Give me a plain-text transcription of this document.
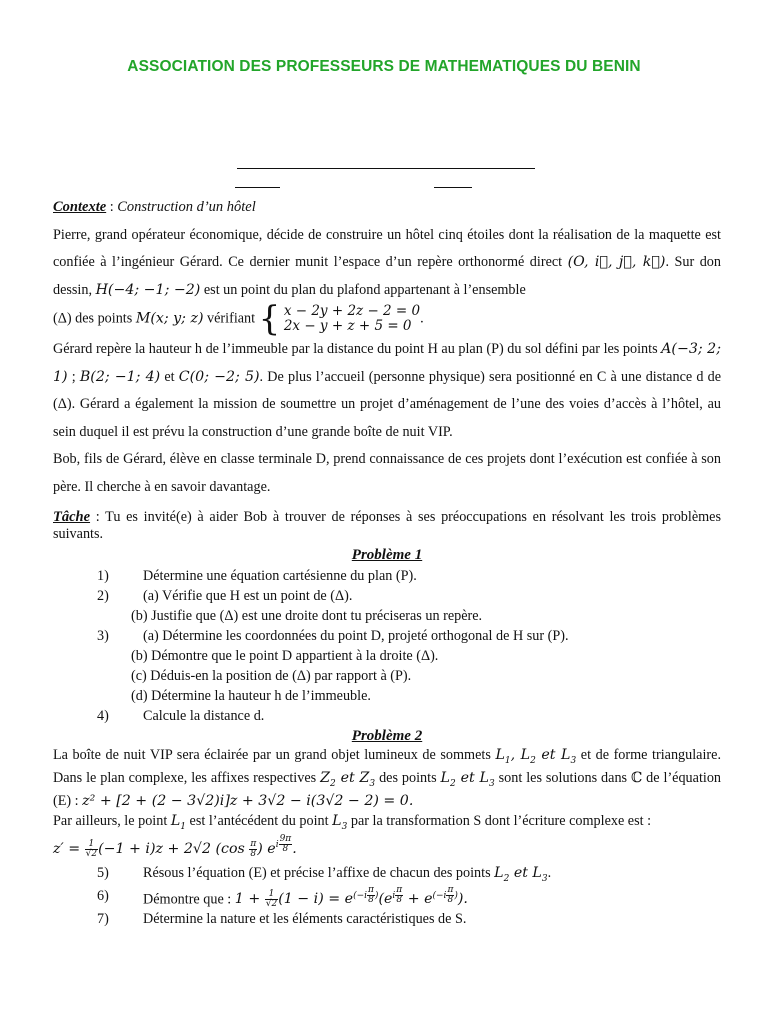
ASSOCIATION DES PROFESSEURS DE MATHEMATIQUES DU BENIN

Contexte : Construction d’un hôtel

Pierre, grand opérateur économique, décide de construire un hôtel cinq étoiles dont la réalisation de la maquette est confiée à l’ingénieur Gérard. Ce dernier munit l’espace d’un repère orthonormé direct (O, i⃗, j⃗, k⃗). Sur don dessin, H(−4; −1; −2) est un point du plan du plafond appartenant à l’ensemble
(Δ) des points M(x; y; z) vérifiant { x − 2y + 2z − 2 = 0
2x − y + z + 5 = 0 .

Gérard repère la hauteur h de l’immeuble par la distance du point H au plan (P) du sol défini par les points A(−3; 2; 1) ; B(2; −1; 4) et C(0; −2; 5). De plus l’accueil (personne physique) sera positionné en C à une distance d de (Δ). Gérard a également la mission de soumettre un projet d’aménagement de l’une des voies d’accès à l’hôtel, au sein duquel il est prévu la construction d’une grande boîte de nuit VIP.

Bob, fils de Gérard, élève en classe terminale D, prend connaissance de ces projets dont l’exécution est confiée à son père. Il cherche à en savoir davantage.

Tâche : Tu es invité(e) à aider Bob à trouver de réponses à ses préoccupations en résolvant les trois problèmes suivants.

Problème 1
1) Détermine une équation cartésienne du plan (P).
2) (a) Vérifie que H est un point de (Δ).
(b) Justifie que (Δ) est une droite dont tu préciseras un repère.
3) (a) Détermine les coordonnées du point D, projeté orthogonal de H sur (P).
(b) Démontre que le point D appartient à la droite (Δ).
(c) Déduis-en la position de (Δ) par rapport à (P).
(d) Détermine la hauteur h de l’immeuble.
4) Calcule la distance d.
Problème 2

La boîte de nuit VIP sera éclairée par un grand objet lumineux de sommets $L_1$, $L_2$ et $L_3$ et de forme triangulaire. Dans le plan complexe, les affixes respectives $Z_2$ et $Z_3$ des points $L_2$ et $L_3$ sont les solutions dans ℂ de l’équation (E) : z² + [2 + (2 − 3√2)i]z + 3√2 − i(3√2 − 2) = 0.

Par ailleurs, le point $L_1$ est l’antécédent du point $L_3$ par la transformation S dont l’écriture complexe est :
$z' = \frac{1}{√2} (-1 + i)z + 2√2$ ($\cos \frac{\pi}{8}$ ) $e^{i \frac{9\pi}{8}}$ .

5) Résous l’équation (E) et précise l’affixe de chacun des points $L_2$ et $L_3$.
6) Démontre que : $1 + \frac{1}{√2} (1 - i) = e^{(-i \frac{\pi}{8} )}(e^{i \frac{\pi}{8}} + e^{(-i \frac{\pi}{8} )})$.
7) Détermine la nature et les éléments caractéristiques de S.
